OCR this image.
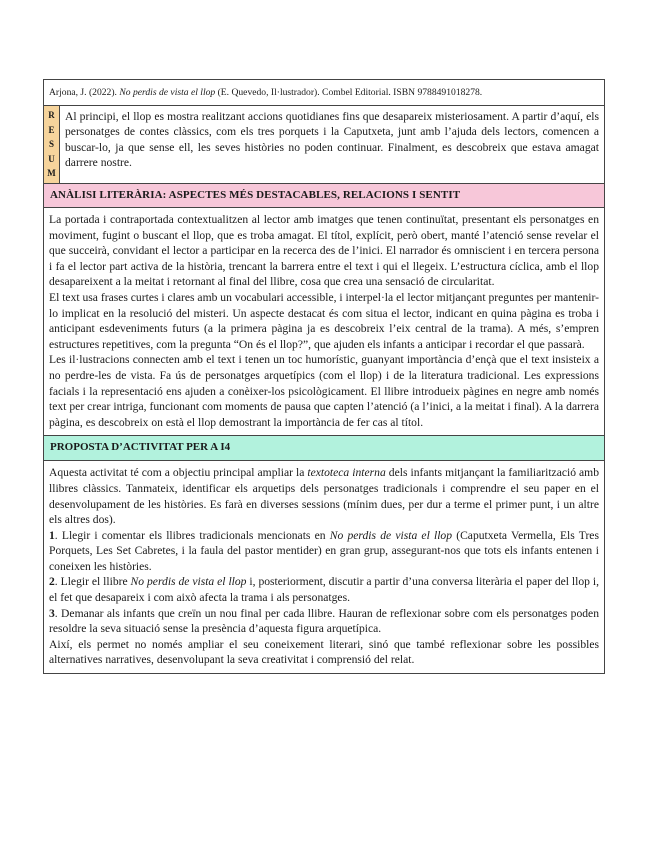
Arjona, J. (2022). No perdis de vista el llop (E. Quevedo, Il·lustrador). Combel Editorial. ISBN 9788491018278.
R
E
S
U
M
Al principi, el llop es mostra realitzant accions quotidianes fins que desapareix misteriosament. A partir d’aquí, els personatges de contes clàssics, com els tres porquets i la Caputxeta, junt amb l’ajuda dels lectors, comencen a buscar-lo, ja que sense ell, les seves històries no poden continuar. Finalment, es descobreix que estava amagat darrere nostre.
ANÀLISI LITERÀRIA: ASPECTES MÉS DESTACABLES, RELACIONS I SENTIT

La portada i contraportada contextualitzen al lector amb imatges que tenen continuïtat, presentant els personatges en moviment, fugint o buscant el llop, que es troba amagat. El títol, explícit, però obert, manté l’atenció sense revelar el que succeirà, convidant el lector a participar en la recerca des de l’inici. El narrador és omniscient i en tercera persona i fa el lector part activa de la història, trencant la barrera entre el text i qui el llegeix. L’estructura cíclica, amb el llop desapareixent a la meitat i retornant al final del llibre, cosa que crea una sensació de circularitat.

El text usa frases curtes i clares amb un vocabulari accessible, i interpel·la el lector mitjançant preguntes per mantenir-lo implicat en la resolució del misteri. Un aspecte destacat és com situa el lector, indicant en quina pàgina es troba i anticipant esdeveniments futurs (a la primera pàgina ja es descobreix l’eix central de la trama). A més, s’empren estructures repetitives, com la pregunta “On és el llop?”, que ajuden els infants a anticipar i recordar el que passarà.

Les il·lustracions connecten amb el text i tenen un toc humorístic, guanyant importància d’ençà que el text insisteix a no perdre-les de vista. Fa ús de personatges arquetípics (com el llop) i de la literatura tradicional. Les expressions facials i la representació ens ajuden a conèixer-los psicològicament. El llibre introdueix pàgines en negre amb només text per crear intriga, funcionant com moments de pausa que capten l’atenció (a l’inici, a la meitat i final). A la darrera pàgina, es descobreix on està el llop demostrant la importància de fer cas al títol.

PROPOSTA D’ACTIVITAT PER A I4

Aquesta activitat té com a objectiu principal ampliar la textoteca interna dels infants mitjançant la familiarització amb llibres clàssics. Tanmateix, identificar els arquetips dels personatges tradicionals i comprendre el seu paper en el desenvolupament de les històries. Es farà en diverses sessions (mínim dues, per dur a terme el primer punt, i un altre els altres dos).

1. Llegir i comentar els llibres tradicionals mencionats en No perdis de vista el llop (Caputxeta Vermella, Els Tres Porquets, Les Set Cabretes, i la faula del pastor mentider) en gran grup, assegurant-nos que tots els infants entenen i coneixen les històries.

2. Llegir el llibre No perdis de vista el llop i, posteriorment, discutir a partir d’una conversa literària el paper del llop i, el fet que desapareix i com això afecta la trama i als personatges.

3. Demanar als infants que creïn un nou final per cada llibre. Hauran de reflexionar sobre com els personatges poden resoldre la seva situació sense la presència d’aquesta figura arquetípica.

Així, els permet no només ampliar el seu coneixement literari, sinó que també reflexionar sobre les possibles alternatives narratives, desenvolupant la seva creativitat i comprensió del relat.
